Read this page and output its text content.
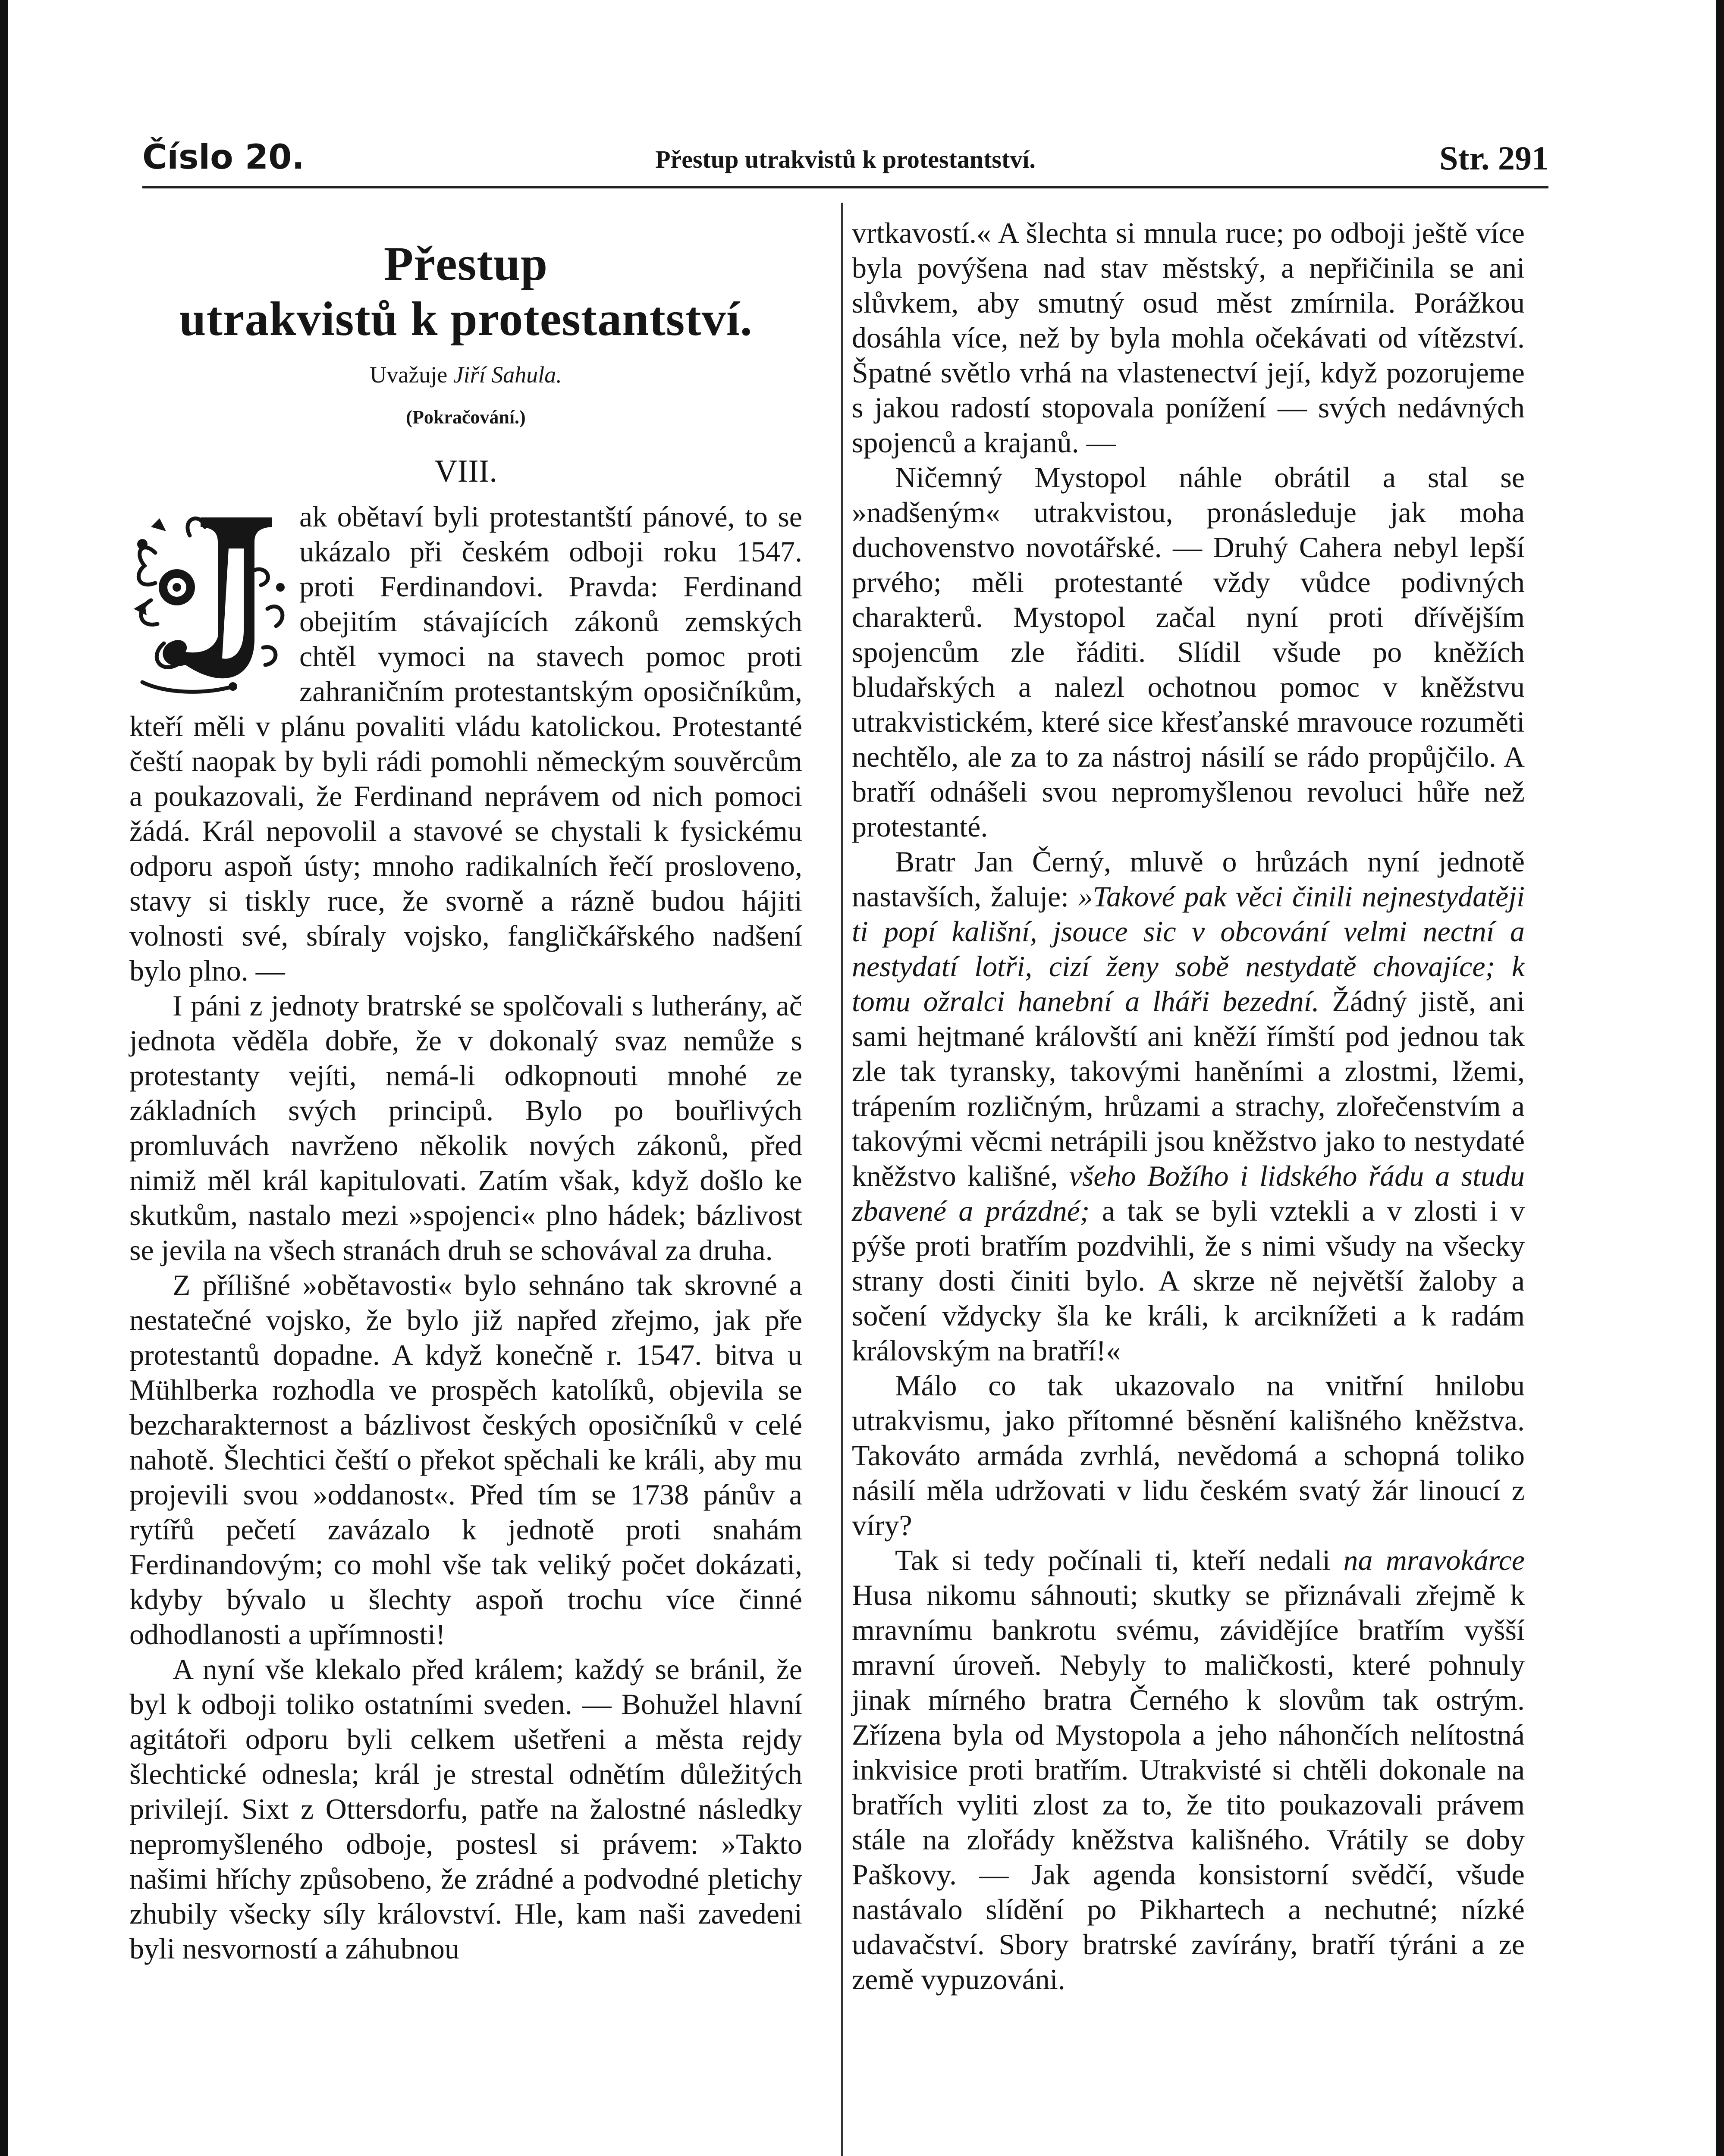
Číslo 20.	Přestup utrakvistů k protestantství.	Str. 291
Přestup
utrakvistů k protestantství.
Uvažuje Jiří Sahula.
(Pokračování.)
VIII.

ak obětaví byli protestantští pánové, to se ukázalo při českém odboji roku 1547. proti Ferdinandovi. Pravda: Ferdinand obejitím stávajících zákonů zemských chtěl vymoci na stavech pomoc proti zahraničním protestantským oposičníkům, kteří měli v plánu povaliti vládu katolickou. Protestanté čeští naopak by byli rádi pomohli německým souvěrcům a poukazovali, že Ferdinand neprávem od nich pomoci žádá. Král nepovolil a stavové se chystali k fysickému odporu aspoň ústy; mnoho radikalních řečí prosloveno, stavy si tiskly ruce, že svorně a rázně budou hájiti volnosti své, sbíraly vojsko, fangličkářského nadšení bylo plno. —

I páni z jednoty bratrské se spolčovali s lutherány, ač jednota věděla dobře, že v dokonalý svaz nemůže s protestanty vejíti, nemá-li odkopnouti mnohé ze základních svých principů. Bylo po bouřlivých promluvách navrženo několik nových zákonů, před nimiž měl král kapitulovati. Zatím však, když došlo ke skutkům, nastalo mezi »spojenci« plno hádek; bázlivost se jevila na všech stranách druh se schovával za druha.

Z přílišné »obětavosti« bylo sehnáno tak skrovné a nestatečné vojsko, že bylo již napřed zřejmo, jak pře protestantů dopadne. A když konečně r. 1547. bitva u Mühlberka rozhodla ve prospěch katolíků, objevila se bezcharakternost a bázlivost českých oposičníků v celé nahotě. Šlechtici čeští o překot spěchali ke králi, aby mu projevili svou »oddanost«. Před tím se 1738 pánův a rytířů pečetí zavázalo k jednotě proti snahám Ferdinandovým; co mohl vše tak veliký počet dokázati, kdyby bývalo u šlechty aspoň trochu více činné odhodlanosti a upřímnosti!

A nyní vše klekalo před králem; každý se bránil, že byl k odboji toliko ostatními sveden. — Bohužel hlavní agitátoři odporu byli celkem ušetřeni a města rejdy šlechtické odnesla; král je strestal odnětím důležitých privilejí. Sixt z Ottersdorfu, patře na žalostné následky nepromyšleného odboje, postesl si právem: »Takto našimi hříchy způsobeno, že zrádné a podvodné pletichy zhubily všecky síly království. Hle, kam naši zavedeni byli nesvorností a záhubnou

vrtkavostí.« A šlechta si mnula ruce; po odboji ještě více byla povýšena nad stav městský, a nepřičinila se ani slůvkem, aby smutný osud měst zmírnila. Porážkou dosáhla více, než by byla mohla očekávati od vítězství. Špatné světlo vrhá na vlastenectví její, když pozorujeme s jakou radostí stopovala ponížení — svých nedávných spojenců a krajanů. —

Ničemný Mystopol náhle obrátil a stal se »nadšeným« utrakvistou, pronásleduje jak moha duchovenstvo novotářské. — Druhý Cahera nebyl lepší prvého; měli protestanté vždy vůdce podivných charakterů. Mystopol začal nyní proti dřívějším spojencům zle řáditi. Slídil všude po kněžích bludařských a nalezl ochotnou pomoc v kněžstvu utrakvistickém, které sice křesťanské mravouce rozuměti nechtělo, ale za to za nástroj násilí se rádo propůjčilo. A bratří odnášeli svou nepromyšlenou revoluci hůře než protestanté.

Bratr Jan Černý, mluvě o hrůzách nyní jednotě nastavších, žaluje: »Takové pak věci činili nejnestydatěji ti popí kališní, jsouce sic v obcování velmi nectní a nestydatí lotři, cizí ženy sobě nestydatě chovajíce; k tomu ožralci hanební a lháři bezední. Žádný jistě, ani sami hejtmané královští ani kněží římští pod jednou tak zle tak tyransky, takovými haněními a zlostmi, lžemi, trápením rozličným, hrůzami a strachy, zlořečenstvím a takovými věcmi netrápili jsou kněžstvo jako to nestydaté kněžstvo kališné, všeho Božího i lidského řádu a studu zbavené a prázdné; a tak se byli vztekli a v zlosti i v pýše proti bratřím pozdvihli, že s nimi všudy na všecky strany dosti činiti bylo. A skrze ně největší žaloby a sočení vždycky šla ke králi, k arciknížeti a k radám královským na bratří!«

Málo co tak ukazovalo na vnitřní hnilobu utrakvismu, jako přítomné běsnění kališného kněžstva. Takováto armáda zvrhlá, nevědomá a schopná toliko násilí měla udržovati v lidu českém svatý žár linoucí z víry?

Tak si tedy počínali ti, kteří nedali na mravokárce Husa nikomu sáhnouti; skutky se přiznávali zřejmě k mravnímu bankrotu svému, závidějíce bratřím vyšší mravní úroveň. Nebyly to maličkosti, které pohnuly jinak mírného bratra Černého k slovům tak ostrým. Zřízena byla od Mystopola a jeho náhončích nelítostná inkvisice proti bratřím. Utrakvisté si chtěli dokonale na bratřích vyliti zlost za to, že tito poukazovali právem stále na zlořády kněžstva kališného. Vrátily se doby Paškovy. — Jak agenda konsistorní svědčí, všude nastávalo slídění po Pikhartech a nechutné; nízké udavačství. Sbory bratrské zavírány, bratří týráni a ze země vypuzováni.
